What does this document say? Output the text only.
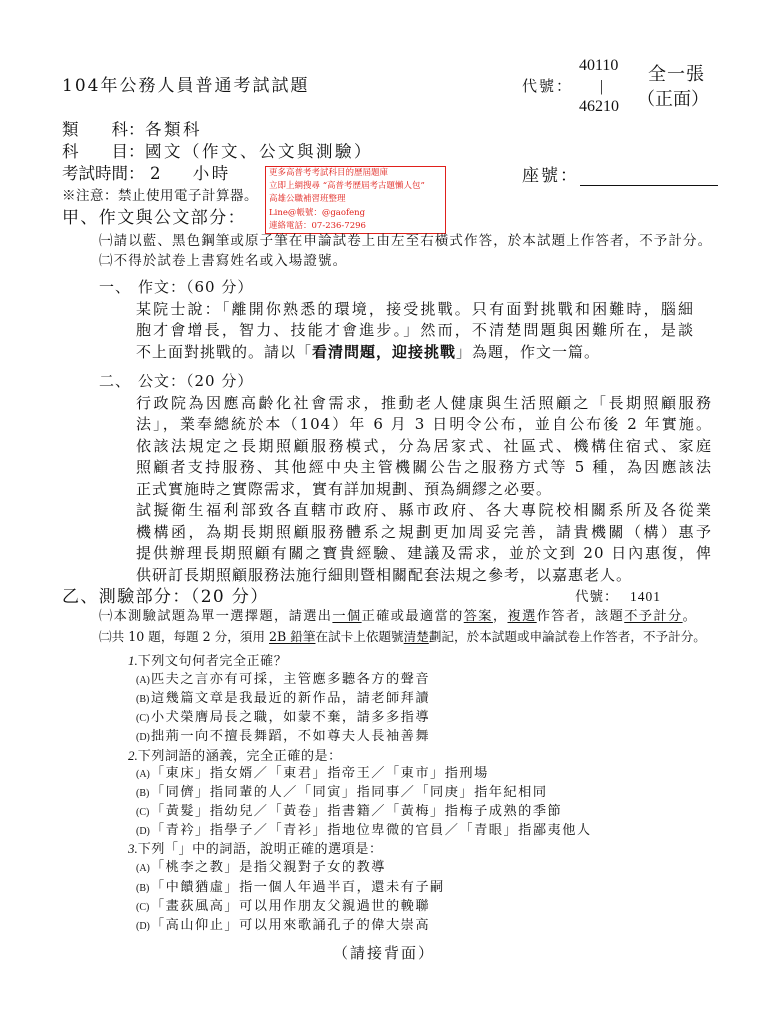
104年公務人員普通考試試題	代號：
40110
|
46210
全一張
（正面）
類　　科： 各類科
科　　目： 國文（作文、公文與測驗）
考試時間： 2 小時	座號：
※注意：禁止使用電子計算器。
更多高普考考試科目的歷屆題庫
立即上網搜尋 “高普考歷屆考古題懶人包”
高雄公職補習班整理
Line@帳號：@gaofeng
連絡電話：07-236-7296
甲、作文與公文部分：
㈠請以藍、黑色鋼筆或原子筆在申論試卷上由左至右橫式作答，於本試題上作答者，不予計分。
㈡不得於試卷上書寫姓名或入場證號。
一、 作文：（60 分）
某院士說：「離開你熟悉的環境，接受挑戰。只有面對挑戰和困難時，腦細
胞才會增長，智力、技能才會進步。」然而，不清楚問題與困難所在，是談
不上面對挑戰的。請以「看清問題，迎接挑戰」為題，作文一篇。
二、 公文：（20 分）
行政院為因應高齡化社會需求，推動老人健康與生活照顧之「長期照顧服務
法」，業奉總統於本（104）年 6 月 3 日明令公布，並自公布後 2 年實施。
依該法規定之長期照顧服務模式，分為居家式、社區式、機構住宿式、家庭
照顧者支持服務、其他經中央主管機關公告之服務方式等 5 種，為因應該法
正式實施時之實際需求，實有詳加規劃、預為綢繆之必要。
試擬衛生福利部致各直轄市政府、縣市政府、各大專院校相關系所及各從業
機構函，為期長期照顧服務體系之規劃更加周妥完善，請貴機關（構）惠予
提供辦理長期照顧有關之寶貴經驗、建議及需求，並於文到 20 日內惠復，俾
供研訂長期照顧服務法施行細則暨相關配套法規之參考，以嘉惠老人。
乙、測驗部分：（20 分）	代號： 1401
㈠本測驗試題為單一選擇題，請選出一個正確或最適當的答案，複選作答者，該題不予計分。
㈡共 10 題，每題 2 分，須用 2B 鉛筆在試卡上依題號清楚劃記，於本試題或申論試卷上作答者，不予計分。
1.下列文句何者完全正確？
(A)匹夫之言亦有可採，主管應多聽各方的聲音
(B) 這幾篇文章是我最近的新作品，請老師拜讀
(C) 小犬榮膺局長之職，如蒙不棄，請多多指導
(D)拙荊一向不擅長舞蹈，不如尊夫人長袖善舞
2.下列詞語的涵義，完全正確的是：
(A)「東床」指女婿／「東君」指帝王／「東市」指刑場
(B) 「同儕」指同輩的人／「同寅」指同事／「同庚」指年紀相同
(C) 「黃髮」指幼兒／「黃卷」指書籍／「黃梅」指梅子成熟的季節
(D)「青衿」指學子／「青衫」指地位卑微的官員／「青眼」指鄙夷他人
3.下列「」中的詞語，說明正確的選項是：
(A)「桃李之教」是指父親對子女的教導
(B) 「中饋猶虛」指一個人年過半百，還未有子嗣
(C) 「畫荻風高」可以用作朋友父親過世的輓聯
(D)「高山仰止」可以用來歌誦孔子的偉大崇高
（請接背面）
